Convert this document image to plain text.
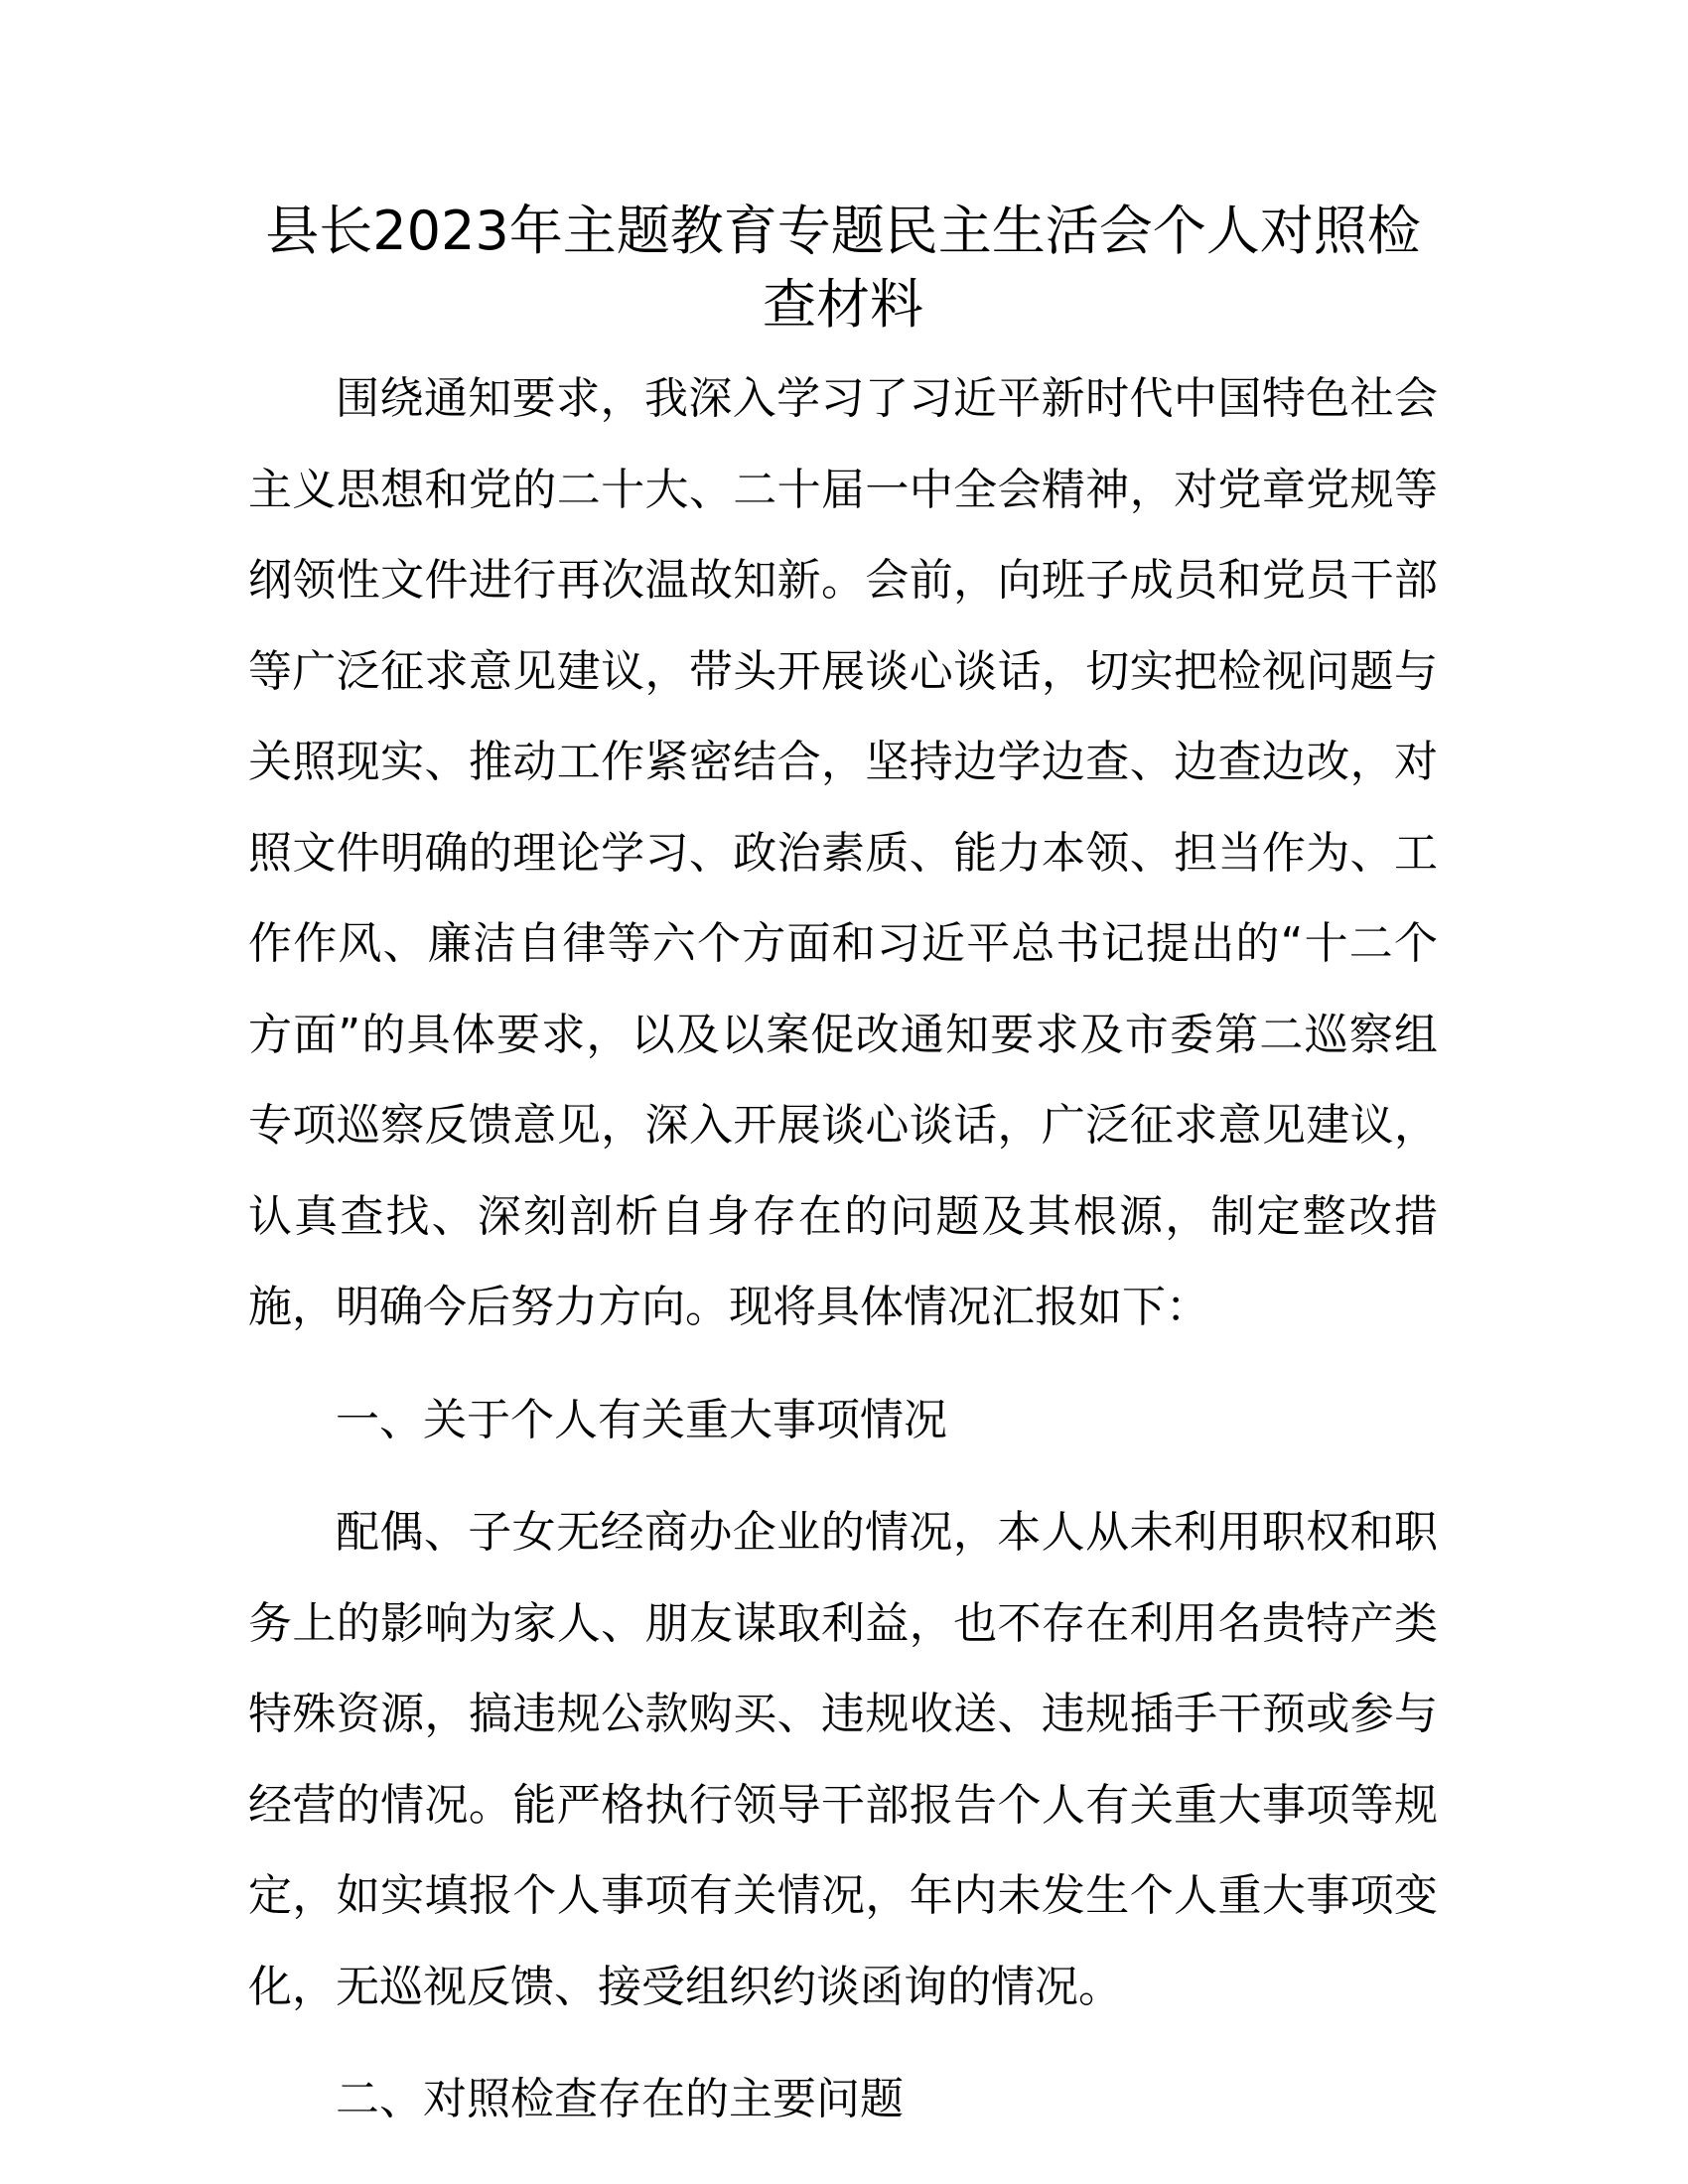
县长2023年主题教育专题民主生活会个人对照检查材料

围绕通知要求，我深入学习了习近平新时代中国特色社会主义思想和党的二十大、二十届一中全会精神，对党章党规等纲领性文件进行再次温故知新。会前，向班子成员和党员干部等广泛征求意见建议，带头开展谈心谈话，切实把检视问题与关照现实、推动工作紧密结合，坚持边学边查、边查边改，对照文件明确的理论学习、政治素质、能力本领、担当作为、工作作风、廉洁自律等六个方面和习近平总书记提出的“十二个方面”的具体要求，以及以案促改通知要求及市委第二巡察组专项巡察反馈意见，深入开展谈心谈话，广泛征求意见建议，认真查找、深刻剖析自身存在的问题及其根源，制定整改措施，明确今后努力方向。现将具体情况汇报如下：

一、关于个人有关重大事项情况

配偶、子女无经商办企业的情况，本人从未利用职权和职务上的影响为家人、朋友谋取利益，也不存在利用名贵特产类特殊资源，搞违规公款购买、违规收送、违规插手干预或参与经营的情况。能严格执行领导干部报告个人有关重大事项等规定，如实填报个人事项有关情况，年内未发生个人重大事项变化，无巡视反馈、接受组织约谈函询的情况。

二、对照检查存在的主要问题
